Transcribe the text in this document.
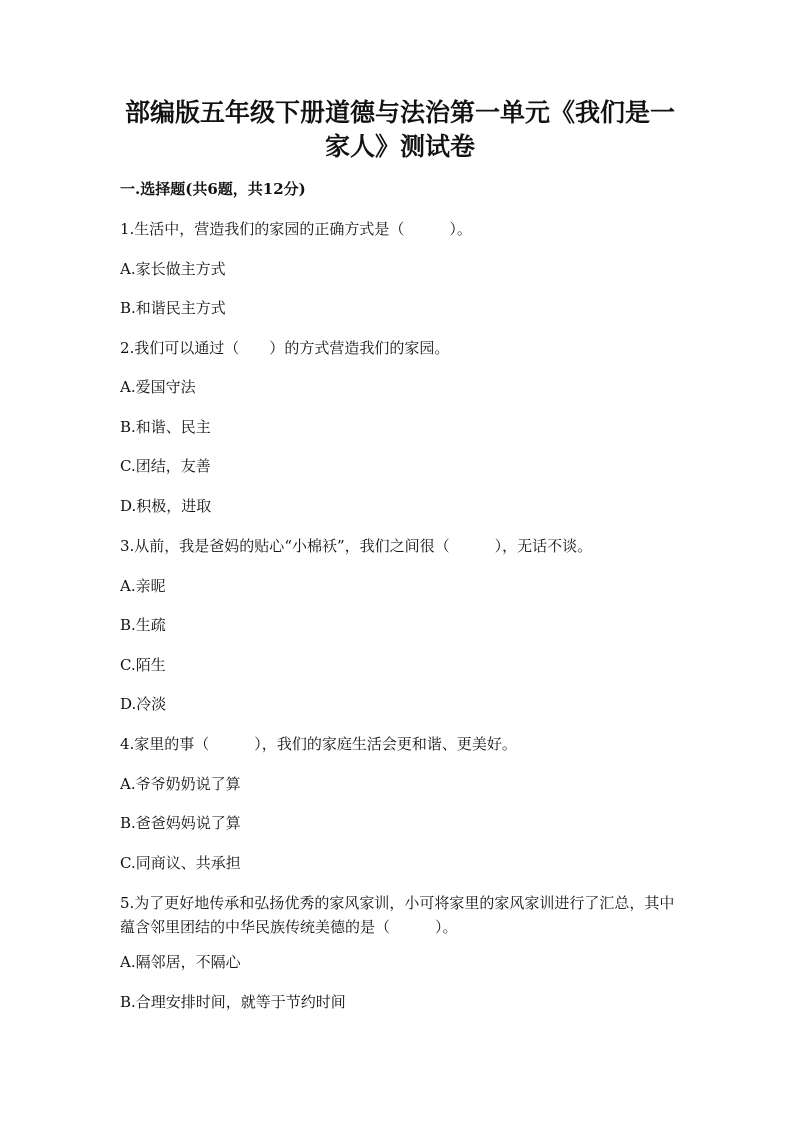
部编版五年级下册道德与法治第一单元《我们是一家人》测试卷

一.选择题(共6题，共12分)

1.生活中，营造我们的家园的正确方式是（　　　）。

A.家长做主方式

B.和谐民主方式

2.我们可以通过（　　）的方式营造我们的家园。

A.爱国守法

B.和谐、民主

C.团结，友善

D.积极，进取

3.从前，我是爸妈的贴心“小棉袄”，我们之间很（　　　），无话不谈。

A.亲昵

B.生疏

C.陌生

D.冷淡

4.家里的事（　　　），我们的家庭生活会更和谐、更美好。

A.爷爷奶奶说了算

B.爸爸妈妈说了算

C.同商议、共承担

5.为了更好地传承和弘扬优秀的家风家训，小可将家里的家风家训进行了汇总，其中蕴含邻里团结的中华民族传统美德的是（　　　）。

A.隔邻居，不隔心

B.合理安排时间，就等于节约时间
